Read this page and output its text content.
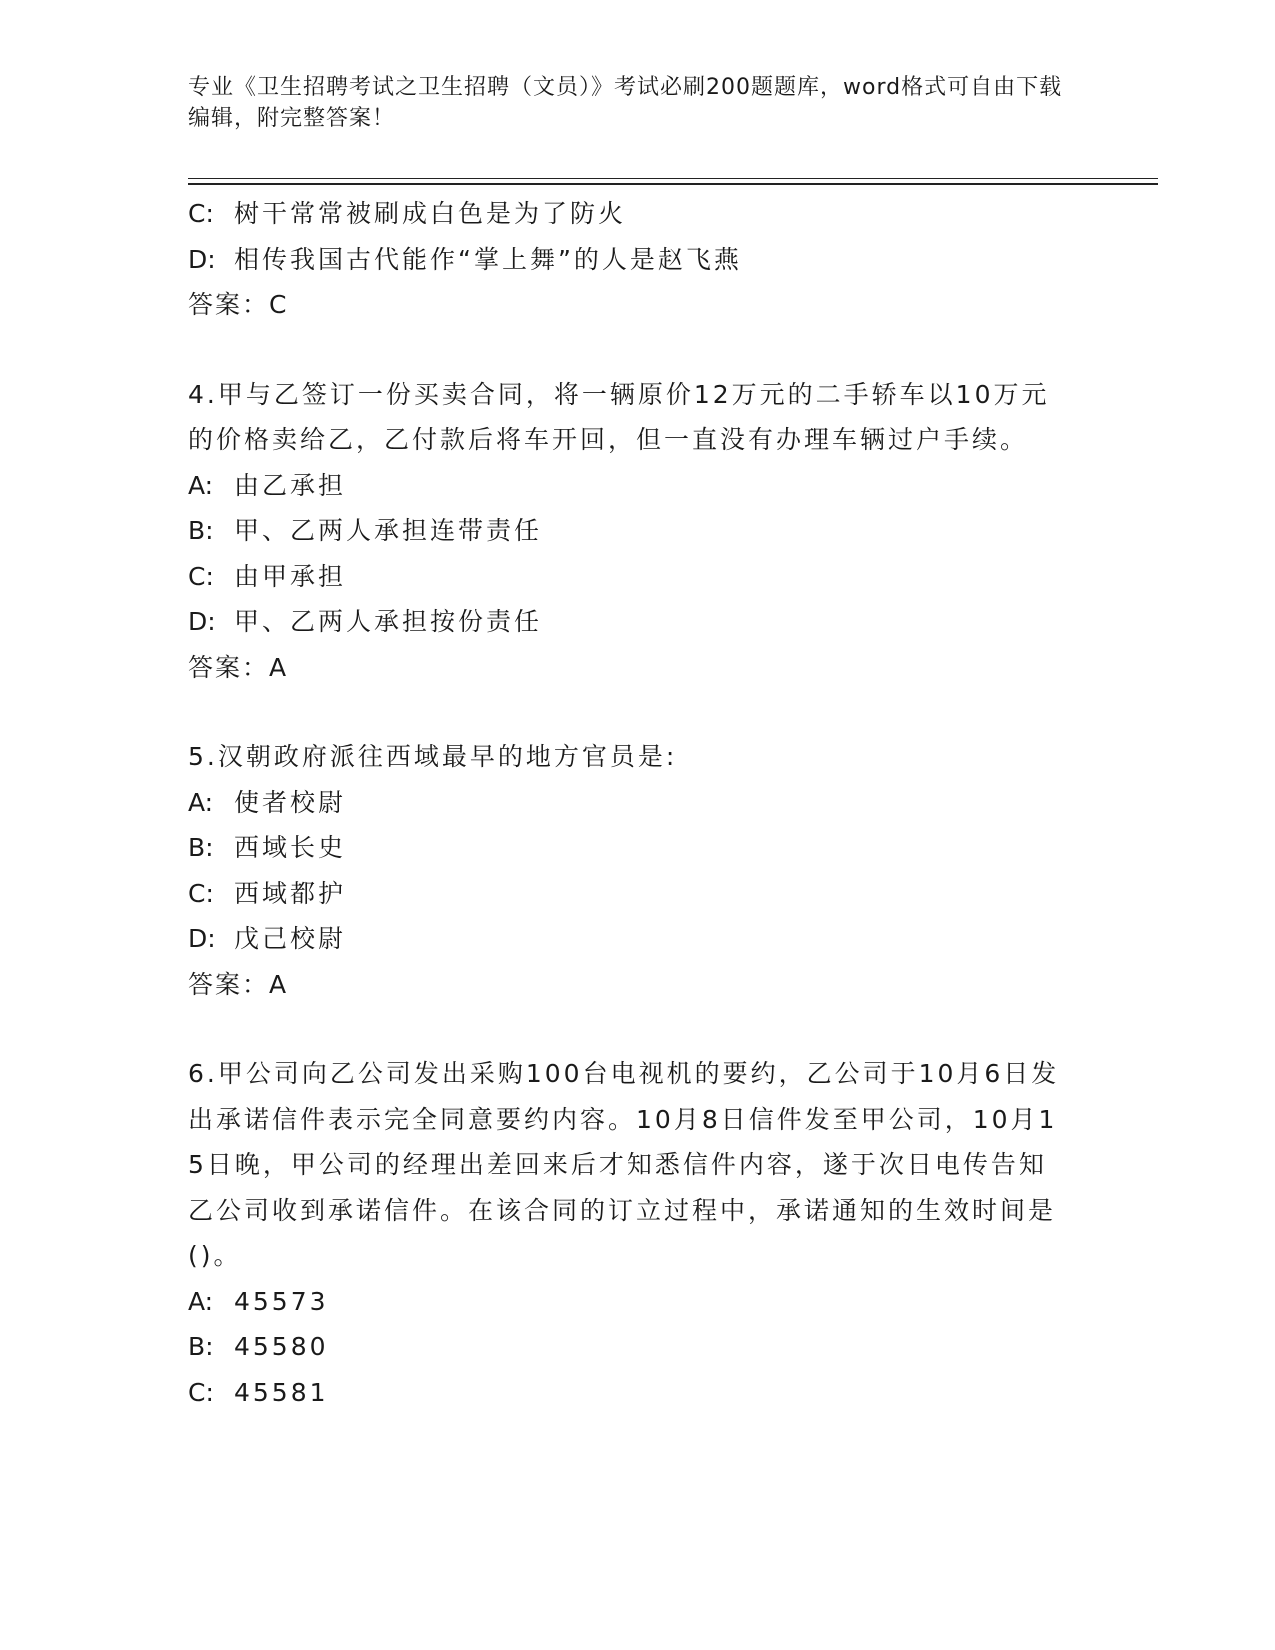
专业《卫生招聘考试之卫生招聘（文员）》考试必刷200题题库，word格式可自由下载编辑，附完整答案！
C: 树干常常被刷成白色是为了防火
D: 相传我国古代能作“掌上舞”的人是赵飞燕
答案：C
4.甲与乙签订一份买卖合同，将一辆原价12万元的二手轿车以10万元的价格卖给乙，乙付款后将车开回，但一直没有办理车辆过户手续。
A: 由乙承担
B: 甲、乙两人承担连带责任
C: 由甲承担
D: 甲、乙两人承担按份责任
答案：A
5.汉朝政府派往西域最早的地方官员是:
A: 使者校尉
B: 西域长史
C: 西域都护
D: 戊己校尉
答案：A
6.甲公司向乙公司发出采购100台电视机的要约，乙公司于10月6日发出承诺信件表示完全同意要约内容。10月8日信件发至甲公司，10月15日晚，甲公司的经理出差回来后才知悉信件内容，遂于次日电传告知乙公司收到承诺信件。在该合同的订立过程中，承诺通知的生效时间是()。
A: 45573
B: 45580
C: 45581
